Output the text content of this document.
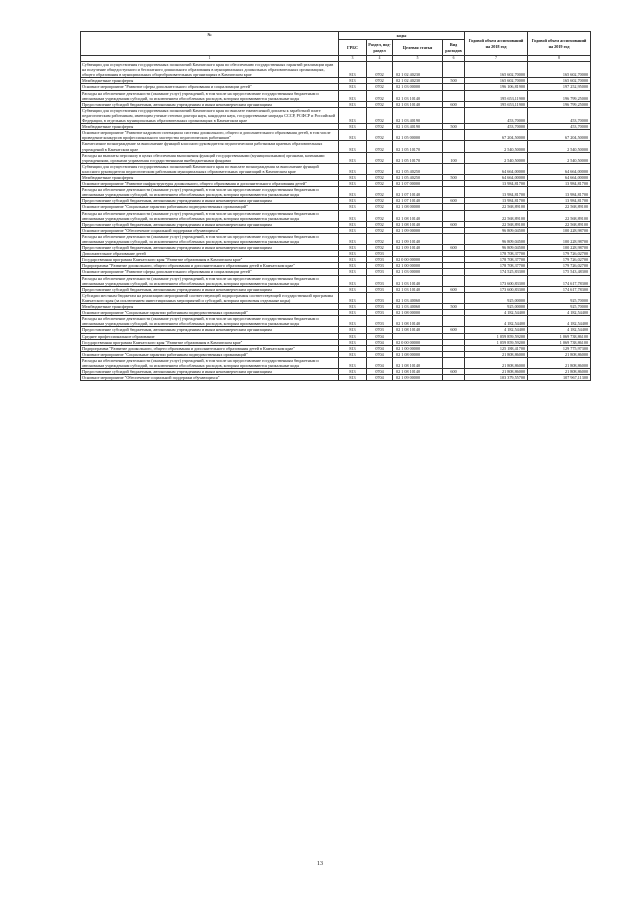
№	коды				Годовой объем ассигнований на 2018 год	Годовой объем ассигнований на 2019 год
	ГРБС	Раздел, под-раздел	Целевая статья	Вид расходов		
1	3	4	5	6	7	8
Субвенции для осуществления государственных полномочий Камчатского края по обеспечению государственных гарантий реализации прав на получение общедоступного и бесплатного дошкольного образования в муниципальных дошкольных образовательных организациях, общего образования в муниципальных общеобразовательных организациях в Камчатском крае	813	0702	02 1 02 40230		165 602,70000	165 602,70000
Межбюджетные трансферты	813	0702	02 1 02 40230	500	165 602,70000	165 602,70000
Основное мероприятие "Развитие сферы дополнительного образования и социализации детей"	813	0702	02 1 03 00000		196 106,81900	197 252,95000
Расходы на обеспечение деятельности (оказание услуг) учреждений, в том числе на предоставление государственным бюджетным и автономным учреждениям субсидий, за исключением обособленных расходов, которым присваиваются уникальные коды	813	0702	02 1 03 10140		195 653,11900	196 799,25000
Предоставление субсидий бюджетным, автономным учреждениям и иным некоммерческим организациям	813	0702	02 1 03 10140	600	195 653,11900	196 799,25000
Субвенции для осуществления государственных полномочий Камчатского края по выплате ежемесячной доплаты к заработной плате педагогическим работникам, имеющим ученые степени доктора наук, кандидата наук, государственные награды СССР, РСФСР и Российской Федерации, в отдельных муниципальных образовательных организациях в Камчатском крае	813	0702	02 1 03 40190		453,70000	453,70000
Межбюджетные трансферты	813	0702	02 1 03 40190	500	453,70000	453,70000
Основное мероприятие "Развитие кадрового потенциала системы дошкольного, общего и дополнительного образования детей, в том числе проведение конкурсов профессионального мастерства педагогических работников"	813	0702	02 1 05 00000		67 204,50000	67 204,50000
Ежемесячное вознаграждение за выполнение функций классного руководителя педагогическим работникам краевых образовательных учреждений в Камчатском крае	813	0702	02 1 05 10170		2 540,50000	2 540,50000
Расходы на выплаты персоналу в целях обеспечения выполнения функций государственными (муниципальными) органами, казенными учреждениями, органами управления государственными внебюджетными фондами	813	0702	02 1 05 10170	100	2 540,50000	2 540,50000
Субвенции для осуществления государственных полномочий Камчатского края по выплате вознаграждения за выполнение функций классного руководителя педагогическим работникам муниципальных образовательных организаций в Камчатском крае	813	0702	02 1 05 40250		64 664,00000	64 664,00000
Межбюджетные трансферты	813	0702	02 1 05 40250	500	64 664,00000	64 664,00000
Основное мероприятие "Развитие инфраструктуры дошкольного, общего образования и дополнительного образования детей"	813	0702	02 1 07 00000		13 984,81700	13 984,81700
Расходы на обеспечение деятельности (оказание услуг) учреждений, в том числе на предоставление государственным бюджетным и автономным учреждениям субсидий, за исключением обособленных расходов, которым присваиваются уникальные коды	813	0702	02 1 07 10140		13 984,81700	13 984,81700
Предоставление субсидий бюджетным, автономным учреждениям и иным некоммерческим организациям	813	0702	02 1 07 10140	600	13 984,81700	13 984,81700
Основное мероприятие "Социальные гарантии работникам подведомственных организаций"	813	0702	02 1 08 00000		22 568,89100	22 568,89100
Расходы на обеспечение деятельности (оказание услуг) учреждений, в том числе на предоставление государственным бюджетным и автономным учреждениям субсидий, за исключением обособленных расходов, которым присваиваются уникальные коды	813	0702	02 1 08 10140		22 568,89100	22 568,89100
Предоставление субсидий бюджетным, автономным учреждениям и иным некоммерческим организациям	813	0702	02 1 08 10140	600	22 568,89100	22 568,89100
Основное мероприятие "Обеспечение социальной поддержки обучающихся"	813	0702	02 1 09 00000		96 809,04500	100 228,98700
Расходы на обеспечение деятельности (оказание услуг) учреждений, в том числе на предоставление государственным бюджетным и автономным учреждениям субсидий, за исключением обособленных расходов, которым присваиваются уникальные коды	813	0702	02 1 09 10140		96 809,04500	100 228,98700
Предоставление субсидий бюджетным, автономным учреждениям и иным некоммерческим организациям	813	0702	02 1 09 10140	600	96 809,04500	100 228,98700
Дополнительное образование детей	813	0703			178 708,37700	179 726,02700
Государственная программа Камчатского края "Развитие образования в Камчатском крае"	813	0703	02 0 00 00000		178 708,37700	179 726,02700
Подпрограмма "Развитие дошкольного, общего образования и дополнительного образования детей в Камчатском крае"	813	0703	02 1 00 00000		178 708,37700	179 726,02700
Основное мероприятие "Развитие сферы дополнительного образования и социализации детей"	813	0703	02 1 03 00000		174 525,83300	175 543,48300
Расходы на обеспечение деятельности (оказание услуг) учреждений, в том числе на предоставление государственным бюджетным и автономным учреждениям субсидий, за исключением обособленных расходов, которым присваиваются уникальные коды	813	0703	02 1 03 10140		173 600,83300	174 617,78300
Предоставление субсидий бюджетным, автономным учреждениям и иным некоммерческим организациям	813	0703	02 1 03 10140	600	173 600,83300	174 617,78300
Субсидии местным бюджетам на реализацию мероприятий соответствующей подпрограммы соответствующей государственной программы Камчатского края (за исключением инвестиционных мероприятий и субсидий, которым присвоены отдельные коды)	813	0703	02 1 03 40060		925,00000	925,70000
Межбюджетные трансферты	813	0703	02 1 03 40060	500	925,00000	925,70000
Основное мероприятие "Социальные гарантии работникам подведомственных организаций"	813	0703	02 1 08 00000		4 182,54400	4 182,54400
Расходы на обеспечение деятельности (оказание услуг) учреждений, в том числе на предоставление государственным бюджетным и автономным учреждениям субсидий, за исключением обособленных расходов, которым присваиваются уникальные коды	813	0703	02 1 08 10140		4 182,54400	4 182,54400
Предоставление субсидий бюджетным, автономным учреждениям и иным некоммерческим организациям	813	0703	02 1 08 10140	600	4 182,54400	4 182,54400
Среднее профессиональное образование	813	0704			1 059 859,59200	1 069 738,86100
Государственная программа Камчатского края "Развитие образования в Камчатском крае"	813	0704	02 0 00 00000		1 059 859,59200	1 069 738,86100
Подпрограмма "Развитие дошкольного, общего образования и дополнительного образования детей в Камчатском крае"	813	0704	02 1 00 00000		125 188,41700	129 775,97300
Основное мероприятие "Социальные гарантии работникам подведомственных организаций"	813	0704	02 1 08 00000		21 808,86000	21 808,86000
Расходы на обеспечение деятельности (оказание услуг) учреждений, в том числе на предоставление государственным бюджетным и автономным учреждениям субсидий, за исключением обособленных расходов, которым присваиваются уникальные коды	813	0704	02 1 08 10140		21 808,86000	21 808,86000
Предоставление субсидий бюджетным, автономным учреждениям и иным некоммерческим организациям	813	0704	02 1 08 10140	600	21 808,86000	21 808,86000
Основное мероприятие "Обеспечение социальной поддержки обучающихся"	813	0704	02 1 09 00000		103 379,55700	107 967,11300
13
